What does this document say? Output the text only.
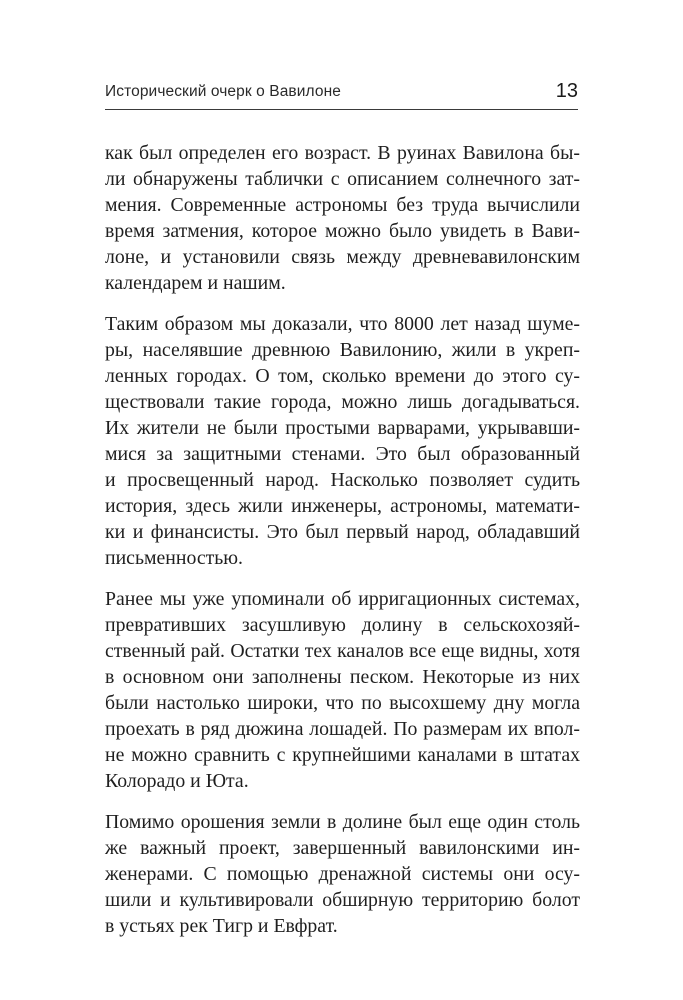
Исторический очерк о Вавилоне	13

как был определен его возраст. В руинах Вавилона бы-
ли обнаружены таблички с описанием солнечного зат-
мения. Современные астрономы без труда вычислили
время затмения, которое можно было увидеть в Вави-
лоне, и установили связь между древневавилонским
календарем и нашим.

Таким образом мы доказали, что 8000 лет назад шуме-
ры, населявшие древнюю Вавилонию, жили в укреп-
ленных городах. О том, сколько времени до этого су-
ществовали такие города, можно лишь догадываться.
Их жители не были простыми варварами, укрывавши-
мися за защитными стенами. Это был образованный
и просвещенный народ. Насколько позволяет судить
история, здесь жили инженеры, астрономы, математи-
ки и финансисты. Это был первый народ, обладавший
письменностью.

Ранее мы уже упоминали об ирригационных системах,
превративших засушливую долину в сельскохозяй-
ственный рай. Остатки тех каналов все еще видны, хотя
в основном они заполнены песком. Некоторые из них
были настолько широки, что по высохшему дну могла
проехать в ряд дюжина лошадей. По размерам их впол-
не можно сравнить с крупнейшими каналами в штатах
Колорадо и Юта.

Помимо орошения земли в долине был еще один столь
же важный проект, завершенный вавилонскими ин-
женерами. С помощью дренажной системы они осу-
шили и культивировали обширную территорию болот
в устьях рек Тигр и Евфрат.
